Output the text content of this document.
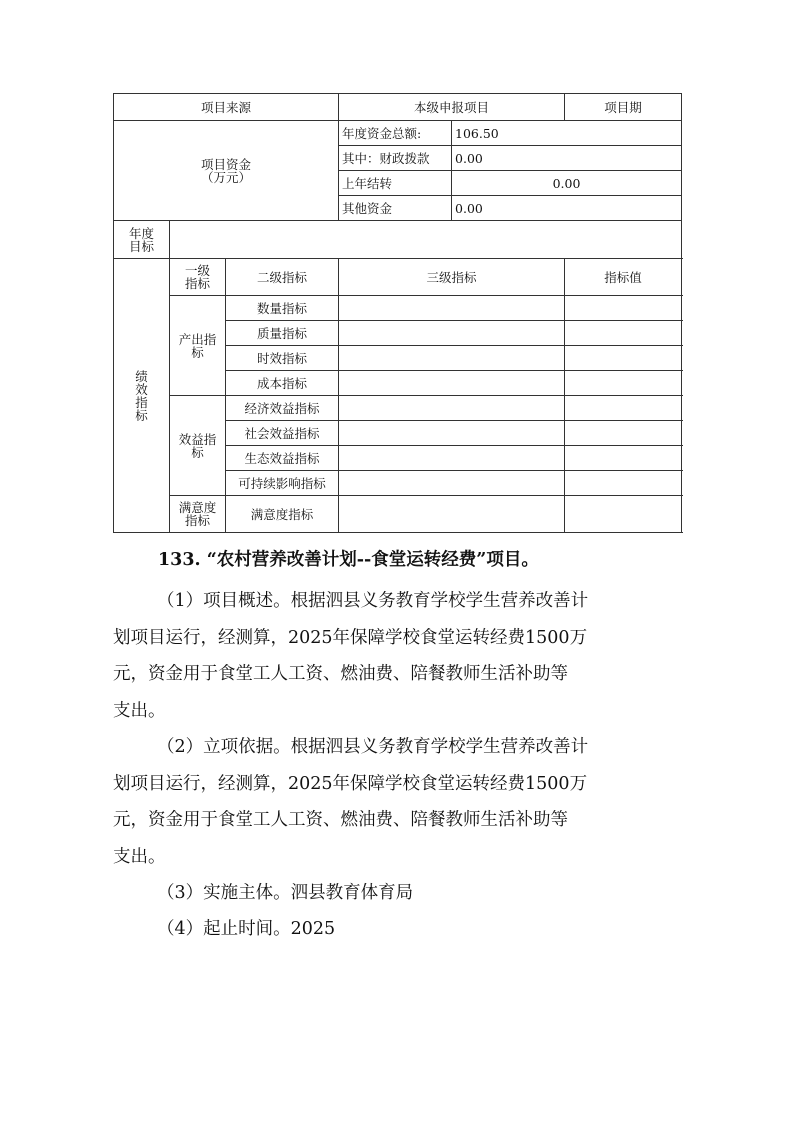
项目来源			本级申报项目		项目期	
项目资金（万元）			年度资金总额:	106.50		
			其中：财政拨款	0.00		
			上年结转	0.00		
			其他资金	0.00		
年度目标						
绩效指标	一级指标	二级指标	三级指标		指标值	
	产出指标	数量指标				
		质量指标				
		时效指标				
		成本指标				
	效益指标	经济效益指标				
		社会效益指标				
		生态效益指标				
		可持续影响指标				
	满意度指标	满意度指标				
133. “农村营养改善计划--食堂运转经费”项目。
（1）项目概述。根据泗县义务教育学校学生营养改善计
划项目运行，经测算，2025年保障学校食堂运转经费1500万
元，资金用于食堂工人工资、燃油费、陪餐教师生活补助等
支出。
（2）立项依据。根据泗县义务教育学校学生营养改善计
划项目运行，经测算，2025年保障学校食堂运转经费1500万
元，资金用于食堂工人工资、燃油费、陪餐教师生活补助等
支出。
（3）实施主体。泗县教育体育局
（4）起止时间。2025
